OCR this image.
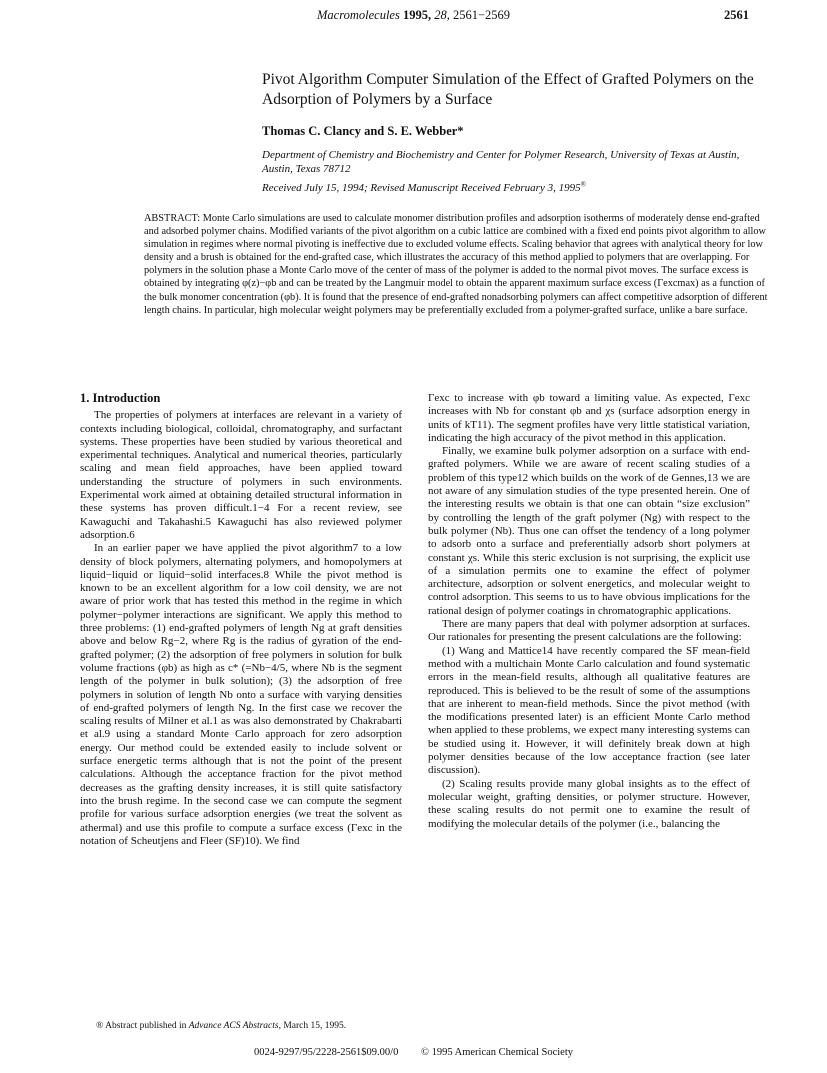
Macromolecules 1995, 28, 2561−2569	2561
Pivot Algorithm Computer Simulation of the Effect of Grafted Polymers on the Adsorption of Polymers by a Surface
Thomas C. Clancy and S. E. Webber*
Department of Chemistry and Biochemistry and Center for Polymer Research, University of Texas at Austin, Austin, Texas 78712
Received July 15, 1994; Revised Manuscript Received February 3, 1995®
ABSTRACT: Monte Carlo simulations are used to calculate monomer distribution profiles and adsorption isotherms of moderately dense end-grafted and adsorbed polymer chains. Modified variants of the pivot algorithm on a cubic lattice are combined with a fixed end points pivot algorithm to allow simulation in regimes where normal pivoting is ineffective due to excluded volume effects. Scaling behavior that agrees with analytical theory for low density and a brush is obtained for the end-grafted case, which illustrates the accuracy of this method applied to polymers that are overlapping. For polymers in the solution phase a Monte Carlo move of the center of mass of the polymer is added to the normal pivot moves. The surface excess is obtained by integrating φ(z)−φb and can be treated by the Langmuir model to obtain the apparent maximum surface excess (Γexcmax) as a function of the bulk monomer concentration (φb). It is found that the presence of end-grafted nonadsorbing polymers can affect competitive adsorption of different length chains. In particular, high molecular weight polymers may be preferentially excluded from a polymer-grafted surface, unlike a bare surface.
1. Introduction

The properties of polymers at interfaces are relevant in a variety of contexts including biological, colloidal, chromatography, and surfactant systems. These properties have been studied by various theoretical and experimental techniques. Analytical and numerical theories, particularly scaling and mean field approaches, have been applied toward understanding the structure of polymers in such environments. Experimental work aimed at obtaining detailed structural information in these systems has proven difficult.1−4 For a recent review, see Kawaguchi and Takahashi.5 Kawaguchi has also reviewed polymer adsorption.6

In an earlier paper we have applied the pivot algorithm7 to a low density of block polymers, alternating polymers, and homopolymers at liquid−liquid or liquid−solid interfaces.8 While the pivot method is known to be an excellent algorithm for a low coil density, we are not aware of prior work that has tested this method in the regime in which polymer−polymer interactions are significant. We apply this method to three problems: (1) end-grafted polymers of length Ng at graft densities above and below Rg−2, where Rg is the radius of gyration of the end-grafted polymer; (2) the adsorption of free polymers in solution for bulk volume fractions (φb) as high as c* (=Nb−4/5, where Nb is the segment length of the polymer in bulk solution); (3) the adsorption of free polymers in solution of length Nb onto a surface with varying densities of end-grafted polymers of length Ng. In the first case we recover the scaling results of Milner et al.1 as was also demonstrated by Chakrabarti et al.9 using a standard Monte Carlo approach for zero adsorption energy. Our method could be extended easily to include solvent or surface energetic terms although that is not the point of the present calculations. Although the acceptance fraction for the pivot method decreases as the grafting density increases, it is still quite satisfactory into the brush regime. In the second case we can compute the segment profile for various surface adsorption energies (we treat the solvent as athermal) and use this profile to compute a surface excess (Γexc in the notation of Scheutjens and Fleer (SF)10). We find

Γexc to increase with φb toward a limiting value. As expected, Γexc increases with Nb for constant φb and χs (surface adsorption energy in units of kT11). The segment profiles have very little statistical variation, indicating the high accuracy of the pivot method in this application.

Finally, we examine bulk polymer adsorption on a surface with end-grafted polymers. While we are aware of recent scaling studies of a problem of this type12 which builds on the work of de Gennes,13 we are not aware of any simulation studies of the type presented herein. One of the interesting results we obtain is that one can obtain “size exclusion” by controlling the length of the graft polymer (Ng) with respect to the bulk polymer (Nb). Thus one can offset the tendency of a long polymer to adsorb onto a surface and preferentially adsorb short polymers at constant χs. While this steric exclusion is not surprising, the explicit use of a simulation permits one to examine the effect of polymer architecture, adsorption or solvent energetics, and molecular weight to control adsorption. This seems to us to have obvious implications for the rational design of polymer coatings in chromatographic applications.

There are many papers that deal with polymer adsorption at surfaces. Our rationales for presenting the present calculations are the following:

(1) Wang and Mattice14 have recently compared the SF mean-field method with a multichain Monte Carlo calculation and found systematic errors in the mean-field results, although all qualitative features are reproduced. This is believed to be the result of some of the assumptions that are inherent to mean-field methods. Since the pivot method (with the modifications presented later) is an efficient Monte Carlo method when applied to these problems, we expect many interesting systems can be studied using it. However, it will definitely break down at high polymer densities because of the low acceptance fraction (see later discussion).

(2) Scaling results provide many global insights as to the effect of molecular weight, grafting densities, or polymer structure. However, these scaling results do not permit one to examine the result of modifying the molecular details of the polymer (i.e., balancing the

® Abstract published in Advance ACS Abstracts, March 15, 1995.
0024-9297/95/2228-2561$09.00/0 © 1995 American Chemical Society
